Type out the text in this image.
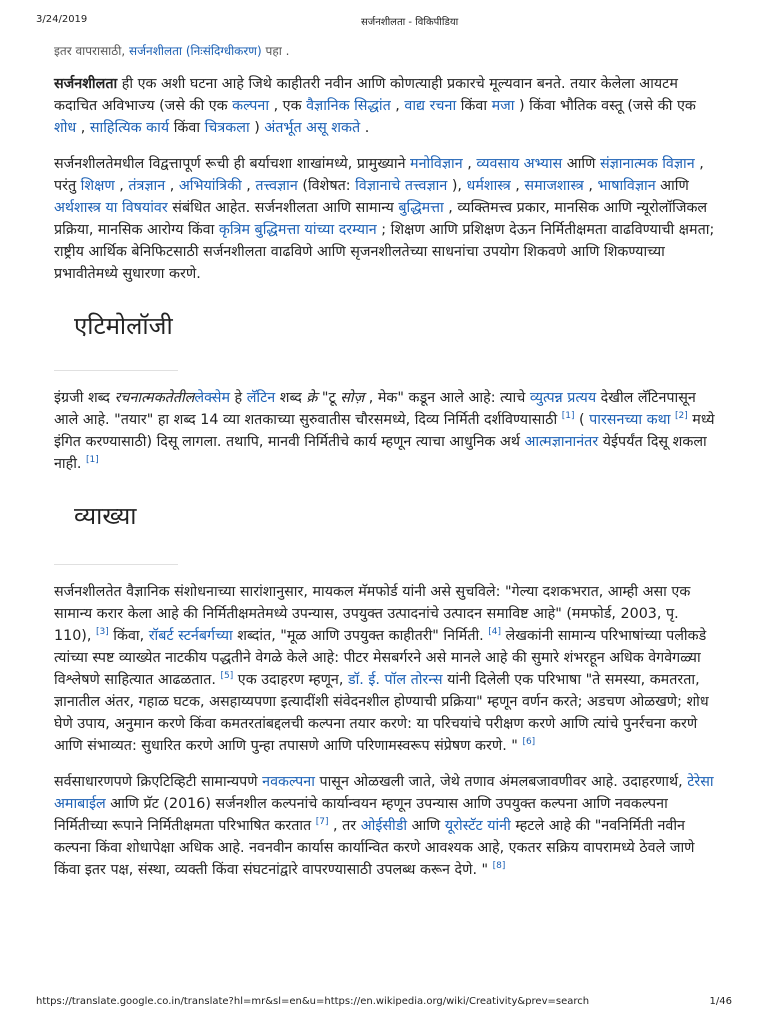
3/24/2019	सर्जनशीलता - विकिपीडिया
इतर वापरासाठी, सर्जनशीलता (निःसंदिग्धीकरण) पहा .

सर्जनशीलता ही एक अशी घटना आहे जिथे काहीतरी नवीन आणि कोणत्याही प्रकारचे मूल्यवान बनते. तयार केलेला आयटम कदाचित अविभाज्य (जसे की एक कल्पना , एक वैज्ञानिक सिद्धांत , वाद्य रचना किंवा मजा ) किंवा भौतिक वस्तू (जसे की एक शोध , साहित्यिक कार्य किंवा चित्रकला ) अंतर्भूत असू शकते .

सर्जनशीलतेमधील विद्वत्तापूर्ण रूची ही बर्याचशा शाखांमध्ये, प्रामुख्याने मनोविज्ञान , व्यवसाय अभ्यास आणि संज्ञानात्मक विज्ञान , परंतु शिक्षण , तंत्रज्ञान , अभियांत्रिकी , तत्त्वज्ञान (विशेषत: विज्ञानाचे तत्त्वज्ञान ), धर्मशास्त्र , समाजशास्त्र , भाषाविज्ञान आणि अर्थशास्त्र या विषयांवर संबंधित आहेत. सर्जनशीलता आणि सामान्य बुद्धिमत्ता , व्यक्तिमत्त्व प्रकार, मानसिक आणि न्यूरोलॉजिकल प्रक्रिया, मानसिक आरोग्य किंवा कृत्रिम बुद्धिमत्ता यांच्या दरम्यान ; शिक्षण आणि प्रशिक्षण देऊन निर्मितीक्षमता वाढविण्याची क्षमता; राष्ट्रीय आर्थिक बेनिफिटसाठी सर्जनशीलता वाढविणे आणि सृजनशीलतेच्या साधनांचा उपयोग शिकवणे आणि शिकण्याच्या प्रभावीतेमध्ये सुधारणा करणे.

एटिमोलॉजी

इंग्रजी शब्द रचनात्मकतेतीललेक्सेम हे लॅटिन शब्द क्रे "टू सोज़ , मेक" कडून आले आहे: त्याचे व्युत्पन्न प्रत्यय देखील लॅटिनपासून आले आहे. "तयार" हा शब्द 14 व्या शतकाच्या सुरुवातीस चौरसमध्ये, दिव्य निर्मिती दर्शविण्यासाठी [1] ( पारसनच्या कथा [2] मध्ये इंगित करण्यासाठी) दिसू लागला. तथापि, मानवी निर्मितीचे कार्य म्हणून त्याचा आधुनिक अर्थ आत्मज्ञानानंतर येईपर्यंत दिसू शकला नाही. [1]

व्याख्या

सर्जनशीलतेत वैज्ञानिक संशोधनाच्या सारांशानुसार, मायकल मॅमफोर्ड यांनी असे सुचविले: "गेल्या दशकभरात, आम्ही असा एक सामान्य करार केला आहे की निर्मितीक्षमतेमध्ये उपन्यास, उपयुक्त उत्पादनांचे उत्पादन समाविष्ट आहे" (ममफोर्ड, 2003, पृ. 110), [3] किंवा, रॉबर्ट स्टर्नबर्गच्या शब्दांत, "मूळ आणि उपयुक्त काहीतरी" निर्मिती. [4] लेखकांनी सामान्य परिभाषांच्या पलीकडे त्यांच्या स्पष्ट व्याख्येत नाटकीय पद्धतीने वेगळे केले आहे: पीटर मेसबर्गरने असे मानले आहे की सुमारे शंभरहून अधिक वेगवेगळ्या विश्लेषणे साहित्यात आढळतात. [5] एक उदाहरण म्हणून, डॉ. ई. पॉल तोरन्स यांनी दिलेली एक परिभाषा "ते समस्या, कमतरता, ज्ञानातील अंतर, गहाळ घटक, असहाय्यपणा इत्यादींशी संवेदनशील होण्याची प्रक्रिया" म्हणून वर्णन करते; अडचण ओळखणे; शोध घेणे उपाय, अनुमान करणे किंवा कमतरतांबद्दलची कल्पना तयार करणे: या परिचयांचे परीक्षण करणे आणि त्यांचे पुनर्रचना करणे आणि संभाव्यत: सुधारित करणे आणि पुन्हा तपासणे आणि परिणामस्वरूप संप्रेषण करणे. " [6]

सर्वसाधारणपणे क्रिएटिव्हिटी सामान्यपणे नवकल्पना पासून ओळखली जाते, जेथे तणाव अंमलबजावणीवर आहे. उदाहरणार्थ, टेरेसा अमाबाईल आणि प्रॅट (2016) सर्जनशील कल्पनांचे कार्यान्वयन म्हणून उपन्यास आणि उपयुक्त कल्पना आणि नवकल्पना निर्मितीच्या रूपाने निर्मितीक्षमता परिभाषित करतात [7] , तर ओईसीडी आणि यूरोस्टॅट यांनी म्हटले आहे की "नवनिर्मिती नवीन कल्पना किंवा शोधापेक्षा अधिक आहे. नवनवीन कार्यास कार्यान्वित करणे आवश्यक आहे, एकतर सक्रिय वापरामध्ये ठेवले जाणे किंवा इतर पक्ष, संस्था, व्यक्ती किंवा संघटनांद्वारे वापरण्यासाठी उपलब्ध करून देणे. " [8]

https://translate.google.co.in/translate?hl=mr&sl=en&u=https://en.wikipedia.org/wiki/Creativity&prev=search	1/46
